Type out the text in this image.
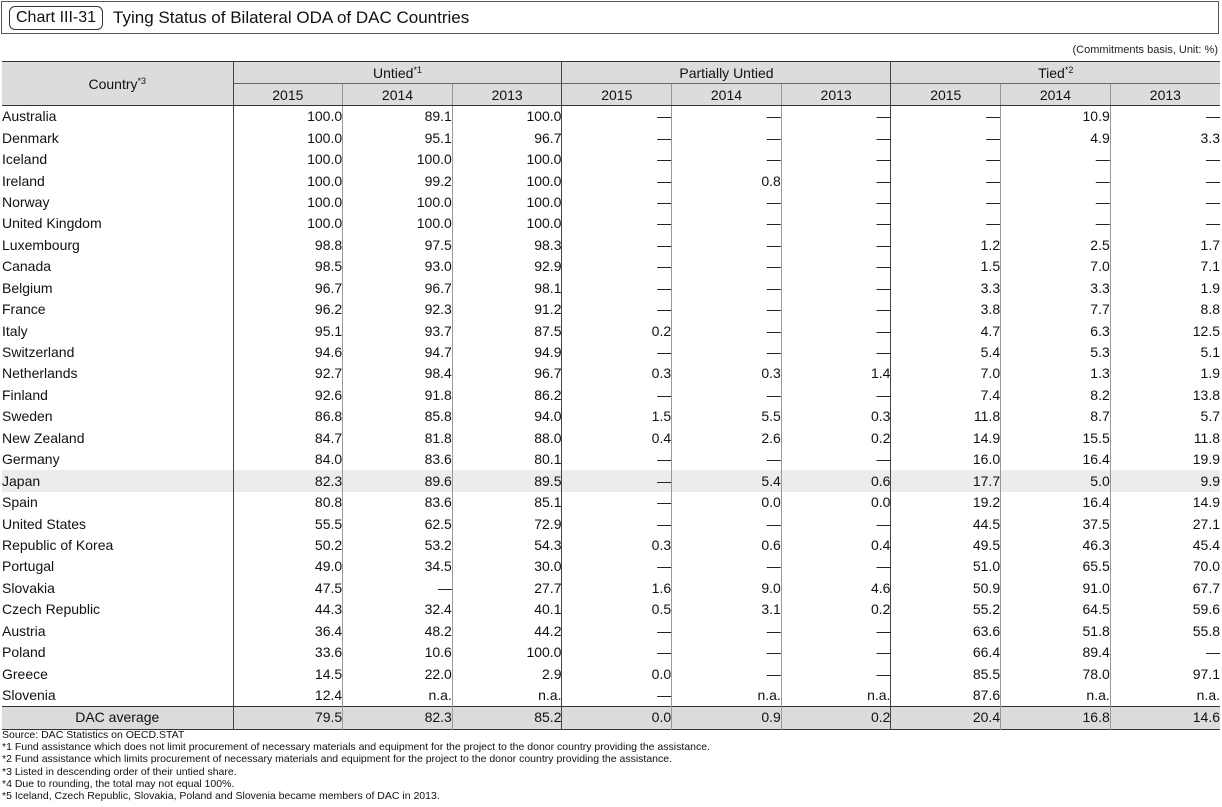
Chart III-31	Tying Status of Bilateral ODA of DAC Countries
(Commitments basis, Unit: %)
Country$^{*3}$	Untied$^{*1}$			Partially Untied			Tied$^{*2}$
	2015	2014	2013	2015	2014	2013	2015	2014	2013
Australia	100.0	89.1	100.0	—	—	—	—	10.9	—
Denmark	100.0	95.1	96.7	—	—	—	—	4.9	3.3
Iceland	100.0	100.0	100.0	—	—	—	—	—	—
Ireland	100.0	99.2	100.0	—	0.8	—	—	—	—
Norway	100.0	100.0	100.0	—	—	—	—	—	—
United Kingdom	100.0	100.0	100.0	—	—	—	—	—	—
Luxembourg	98.8	97.5	98.3	—	—	—	1.2	2.5	1.7
Canada	98.5	93.0	92.9	—	—	—	1.5	7.0	7.1
Belgium	96.7	96.7	98.1	—	—	—	3.3	3.3	1.9
France	96.2	92.3	91.2	—	—	—	3.8	7.7	8.8
Italy	95.1	93.7	87.5	0.2	—	—	4.7	6.3	12.5
Switzerland	94.6	94.7	94.9	—	—	—	5.4	5.3	5.1
Netherlands	92.7	98.4	96.7	0.3	0.3	1.4	7.0	1.3	1.9
Finland	92.6	91.8	86.2	—	—	—	7.4	8.2	13.8
Sweden	86.8	85.8	94.0	1.5	5.5	0.3	11.8	8.7	5.7
New Zealand	84.7	81.8	88.0	0.4	2.6	0.2	14.9	15.5	11.8
Germany	84.0	83.6	80.1	—	—	—	16.0	16.4	19.9
Japan	82.3	89.6	89.5	—	5.4	0.6	17.7	5.0	9.9
Spain	80.8	83.6	85.1	—	0.0	0.0	19.2	16.4	14.9
United States	55.5	62.5	72.9	—	—	—	44.5	37.5	27.1
Republic of Korea	50.2	53.2	54.3	0.3	0.6	0.4	49.5	46.3	45.4
Portugal	49.0	34.5	30.0	—	—	—	51.0	65.5	70.0
Slovakia	47.5	—	27.7	1.6	9.0	4.6	50.9	91.0	67.7
Czech Republic	44.3	32.4	40.1	0.5	3.1	0.2	55.2	64.5	59.6
Austria	36.4	48.2	44.2	—	—	—	63.6	51.8	55.8
Poland	33.6	10.6	100.0	—	—	—	66.4	89.4	—
Greece	14.5	22.0	2.9	0.0	—	—	85.5	78.0	97.1
Slovenia	12.4	n.a.	n.a.	—	n.a.	n.a.	87.6	n.a.	n.a.
DAC average	79.5	82.3	85.2	0.0	0.9	0.2	20.4	16.8	14.6
Source: DAC Statistics on OECD.STAT
*1 Fund assistance which does not limit procurement of necessary materials and equipment for the project to the donor country providing the assistance.
*2 Fund assistance which limits procurement of necessary materials and equipment for the project to the donor country providing the assistance.
*3 Listed in descending order of their untied share.
*4 Due to rounding, the total may not equal 100%.
*5 Iceland, Czech Republic, Slovakia, Poland and Slovenia became members of DAC in 2013.
